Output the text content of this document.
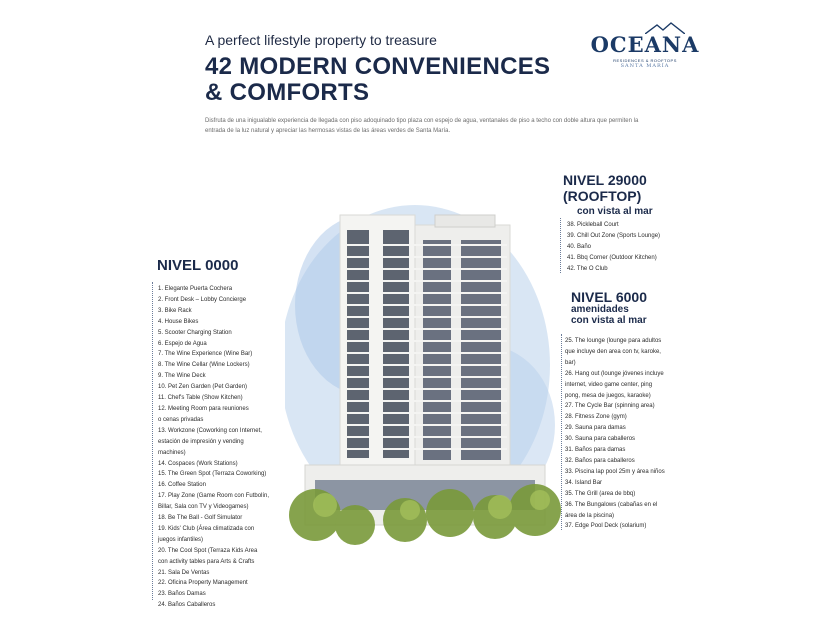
A perfect lifestyle property to treasure
42 MODERN CONVENIENCES
& COMFORTS
Disfruta de una inigualable experiencia de llegada con piso adoquinado tipo plaza con espejo de agua, ventanales de piso a techo con doble altura que permiten la entrada de la luz natural y apreciar las hermosas vistas de las áreas verdes de Santa María.
OCEANA
RESIDENCES & ROOFTOPS
SANTA MARÍA
NIVEL 0000
1. Elegante Puerta Cochera
2. Front Desk – Lobby Concierge
3. Bike Rack
4. House Bikes
5. Scooter Charging Station
6. Espejo de Agua
7. The Wine Experience (Wine Bar)
8. The Wine Cellar (Wine Lockers)
9. The Wine Deck
10. Pet Zen Garden (Pet Garden)
11. Chef's Table (Show Kitchen)
12. Meeting Room para reuniones
o cenas privadas
13. Workzone (Coworking con Internet,
estación de impresión y vending
machines)
14. Cospaces (Work Stations)
15. The Green Spot (Terraza Coworking)
16. Coffee Station
17. Play Zone (Game Room con Futbolín,
Billar, Sala con TV y Videogames)
18. Be The Ball - Golf Simulator
19. Kids' Club (Área climatizada con
juegos infantiles)
20. The Cool Spot (Terraza Kids Area
con activity tables para Arts & Crafts
21. Sala De Ventas
22. Oficina Property Management
23. Baños Damas
24. Baños Caballeros
NIVEL 29000
(ROOFTOP)
con vista al mar
38. Pickleball Court
39. Chill Out Zone (Sports Lounge)
40. Baño
41. Bbq Corner (Outdoor Kitchen)
42. The O Club
NIVEL 6000
amenidades
con vista al mar
25. The lounge (lounge para adultos
que incluye den area con tv, karoke,
bar)
26. Hang out (lounge jóvenes incluye
internet, video game center, ping
pong, mesa de juegos, karaoke)
27. The Cycle Bar (spinning area)
28. Fitness Zone (gym)
29. Sauna para damas
30. Sauna para caballeros
31. Baños para damas
32. Baños para caballeros
33. Piscina lap pool 25m y área niños
34. Island Bar
35. The Grill (area de bbq)
36. The Bungalows (cabañas en el
área de la piscina)
37. Edge Pool Deck (solarium)
